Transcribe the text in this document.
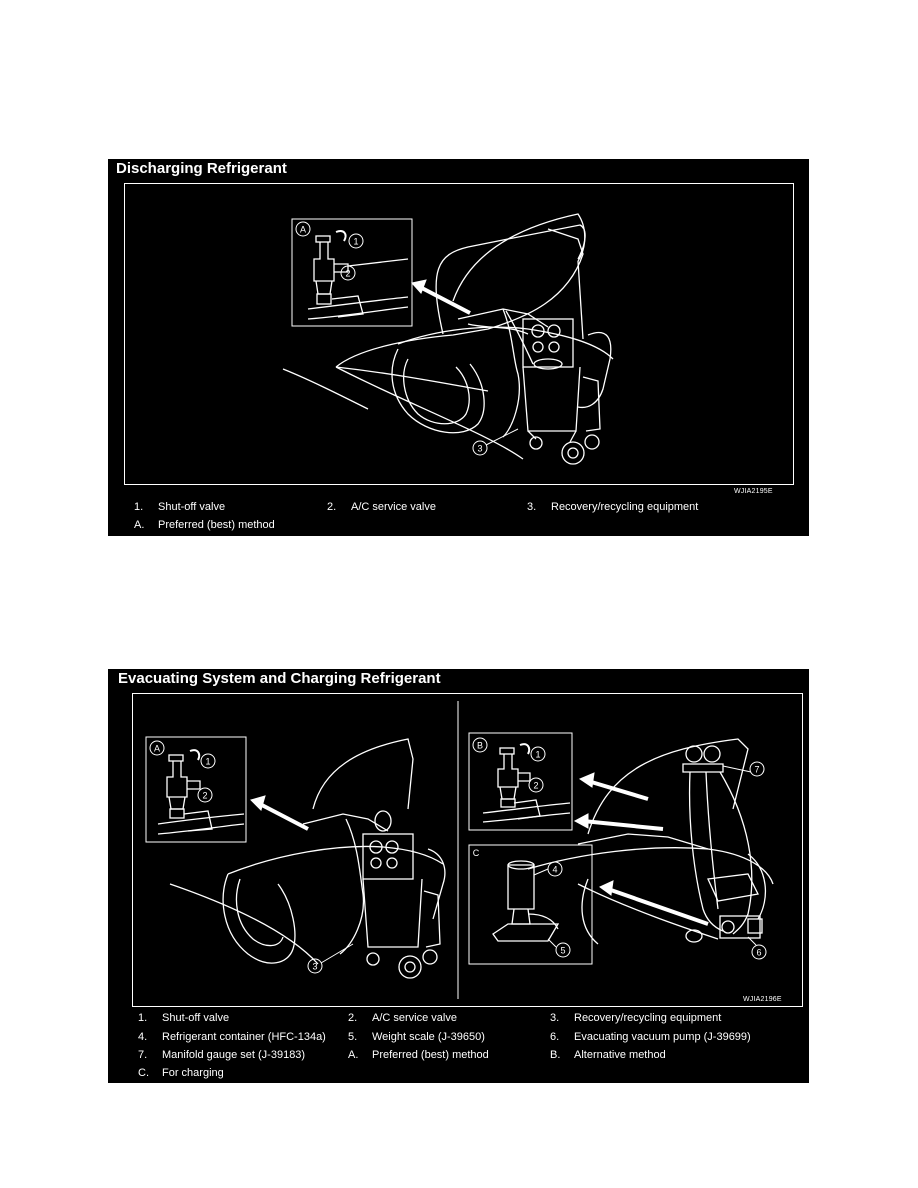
Discharging Refrigerant
A
1
2
3
WJIA2195E
1. Shut-off valve	2. A/C service valve	3. Recovery/recycling equipment
A. Preferred (best) method
Evacuating System and Charging Refrigerant
A	B
C
1
2
3
1
2
4
5	6
7
WJIA2196E
1. Shut-off valve	2. A/C service valve	3. Recovery/recycling equipment
4. Refrigerant container (HFC-134a) 5. Weight scale (J-39650)	6. Evacuating vacuum pump (J-39699)
7. Manifold gauge set (J-39183)	A. Preferred (best) method	B. Alternative method
C. For charging
